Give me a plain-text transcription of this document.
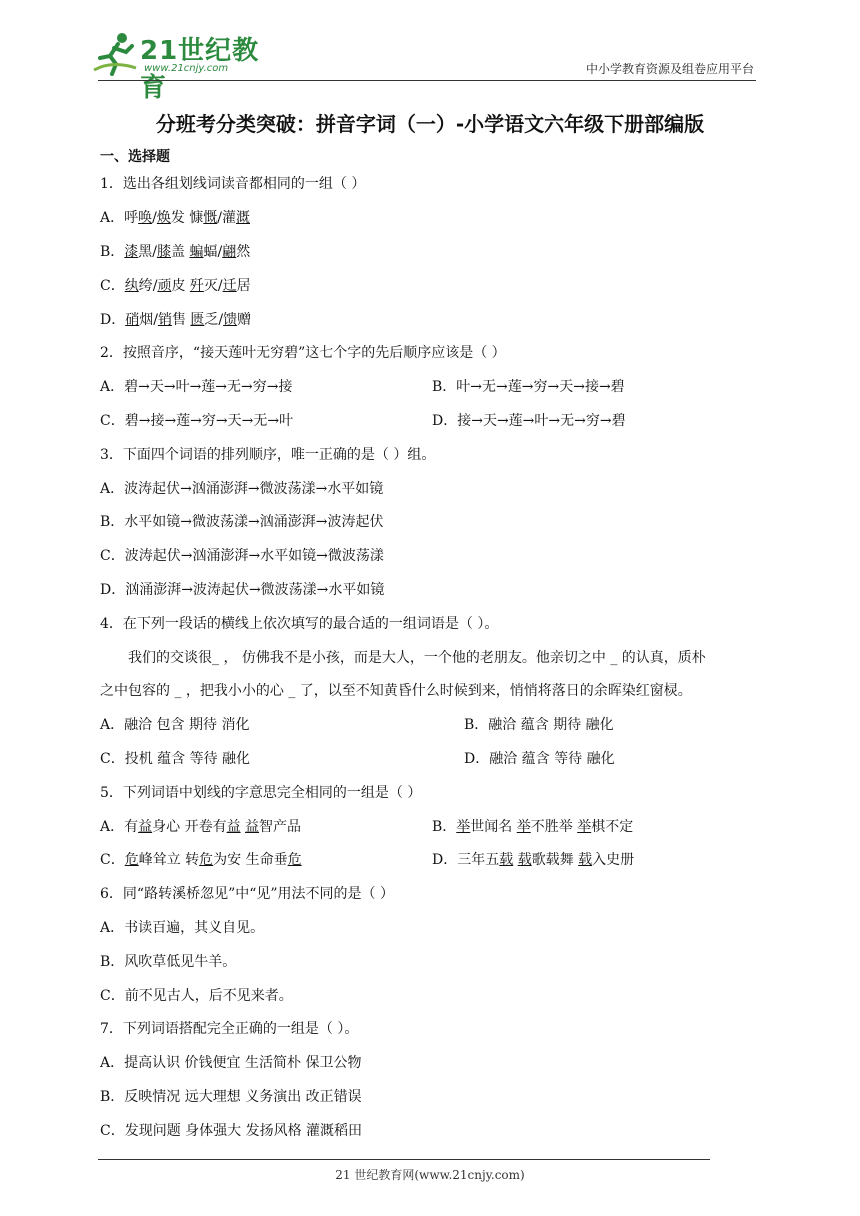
21世纪教育
www.21cnjy.com	中小学教育资源及组卷应用平台
分班考分类突破：拼音字词（一）-小学语文六年级下册部编版
一、选择题
1．选出各组划线词读音都相同的一组（ ）
A．呼唤/焕发 慷慨/灌溉
B．漆黑/膝盖 蝙蝠/翩然
C．纨绔/顽皮 歼灭/迁居
D．硝烟/销售 匮乏/馈赠
2．按照音序，“接天莲叶无穷碧”这七个字的先后顺序应该是（ ）
A．碧→天→叶→莲→无→穷→接	B．叶→无→莲→穷→天→接→碧
C．碧→接→莲→穷→天→无→叶	D．接→天→莲→叶→无→穷→碧
3．下面四个词语的排列顺序，唯一正确的是（ ）组。
A．波涛起伏→汹涌澎湃→微波荡漾→水平如镜
B．水平如镜→微波荡漾→汹涌澎湃→波涛起伏
C．波涛起伏→汹涌澎湃→水平如镜→微波荡漾
D．汹涌澎湃→波涛起伏→微波荡漾→水平如镜
4．在下列一段话的横线上依次填写的最合适的一组词语是（ ）。
我们的交谈很_ ， 仿佛我不是小孩，而是大人，一个他的老朋友。他亲切之中 _ 的认真，质朴
之中包容的 _ ，把我小小的心 _ 了，以至不知黄昏什么时候到来，悄悄将落日的余晖染红窗棂。
A．融洽 包含 期待 消化	B．融洽 蕴含 期待 融化
C．投机 蕴含 等待 融化	D．融洽 蕴含 等待 融化
5．下列词语中划线的字意思完全相同的一组是（ ）
A．有益身心 开卷有益 益智产品	B．举世闻名 举不胜举 举棋不定
C．危峰耸立 转危为安 生命垂危	D．三年五载 载歌载舞 载入史册
6．同“路转溪桥忽见”中“见”用法不同的是（ ）
A．书读百遍，其义自见。
B．风吹草低见牛羊。
C．前不见古人，后不见来者。
7．下列词语搭配完全正确的一组是（ ）。
A．提高认识 价钱便宜 生活简朴 保卫公物
B．反映情况 远大理想 义务演出 改正错误
C．发现问题 身体强大 发扬风格 灌溉稻田
21 世纪教育网(www.21cnjy.com)
